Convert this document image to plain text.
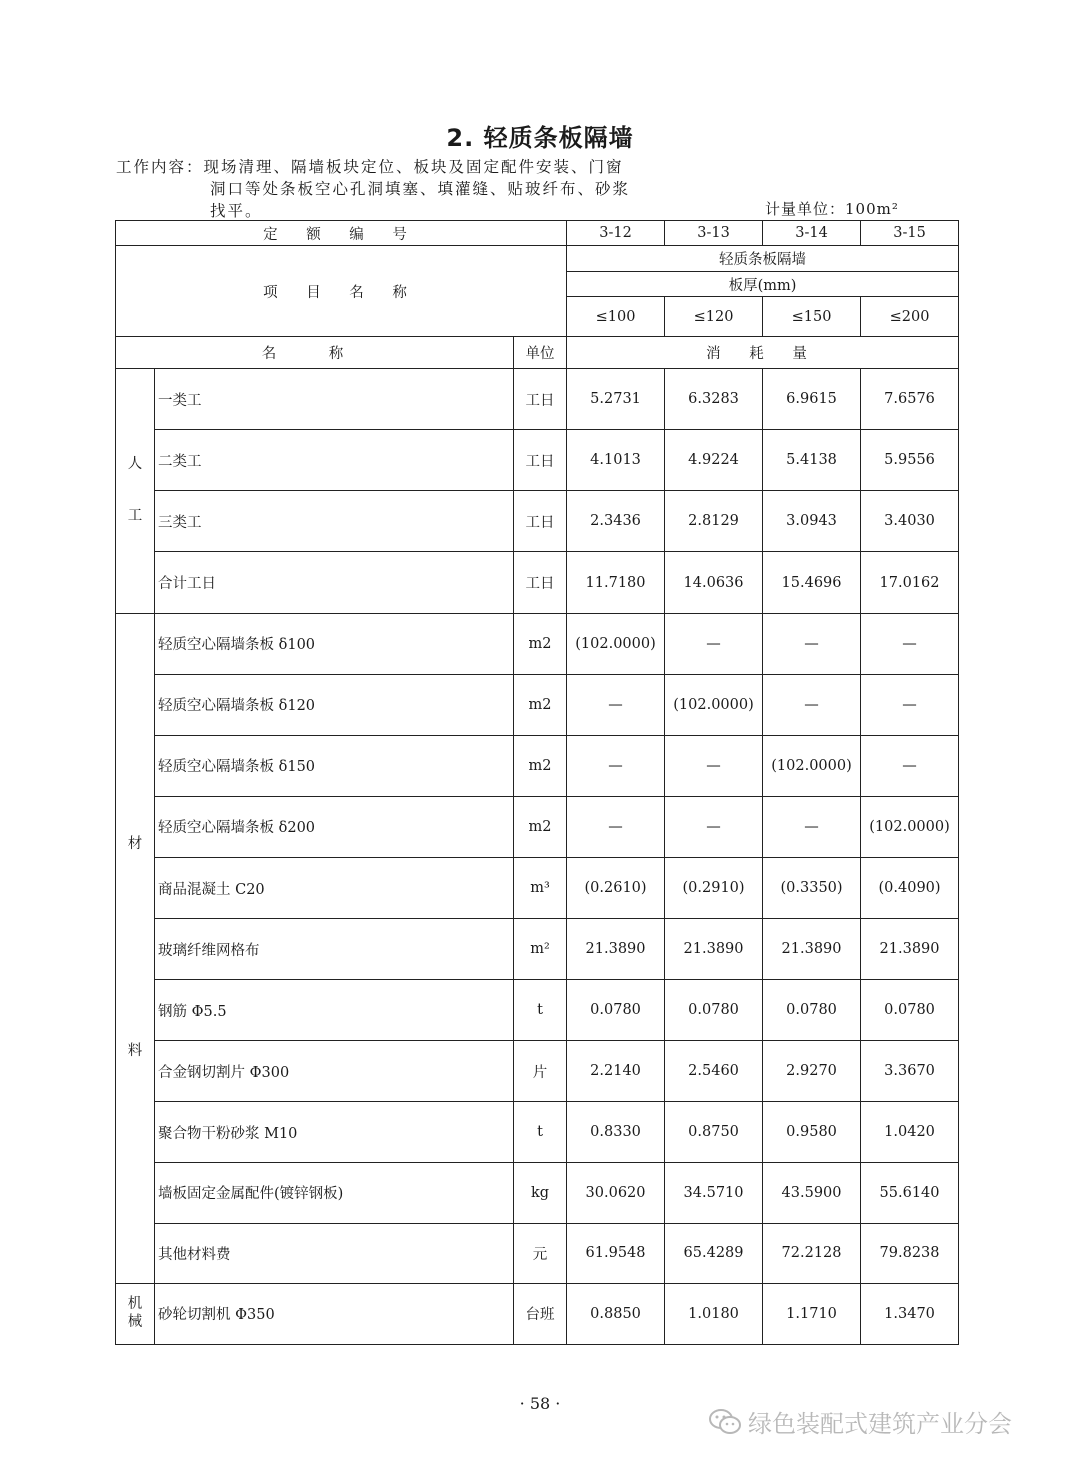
2. 轻质条板隔墙
工作内容：现场清理、隔墙板块定位、板块及固定配件安装、门窗
洞口等处条板空心孔洞填塞、填灌缝、贴玻纤布、砂浆
找平。	计量单位：100m²
定 额 编 号			3-12	3-13	3-14	3-15
项 目 名 称			轻质条板隔墙			
			板厚(mm)			
			≤100	≤120	≤150	≤200
名 称		单位	消 耗 量			

人

工	一类工	工日	5.2731	6.3283	6.9615	7.6576
	二类工	工日	4.1013	4.9224	5.4138	5.9556
	三类工	工日	2.3436	2.8129	3.0943	3.4030
	合计工日	工日	11.7180	14.0636	15.4696	17.0162

材
料	轻质空心隔墙条板 δ100	m2	(102.0000)	—	—	—
	轻质空心隔墙条板 δ120	m2	—	(102.0000)	—	—
	轻质空心隔墙条板 δ150	m2	—	—	(102.0000)	—
	轻质空心隔墙条板 δ200	m2	—	—	—	(102.0000)
	商品混凝土 C20	m³	(0.2610)	(0.2910)	(0.3350)	(0.4090)
	玻璃纤维网格布	m²	21.3890	21.3890	21.3890	21.3890
	钢筋 Φ5.5	t	0.0780	0.0780	0.0780	0.0780
	合金钢切割片 Φ300	片	2.2140	2.5460	2.9270	3.3670
	聚合物干粉砂浆 M10	t	0.8330	0.8750	0.9580	1.0420
	墙板固定金属配件(镀锌钢板)	kg	30.0620	34.5710	43.5900	55.6140
	其他材料费	元	61.9548	65.4289	72.2128	79.8238

机
械	砂轮切割机 Φ350	台班	0.8850	1.0180	1.1710	1.3470
· 58 ·
绿色装配式建筑产业分会
